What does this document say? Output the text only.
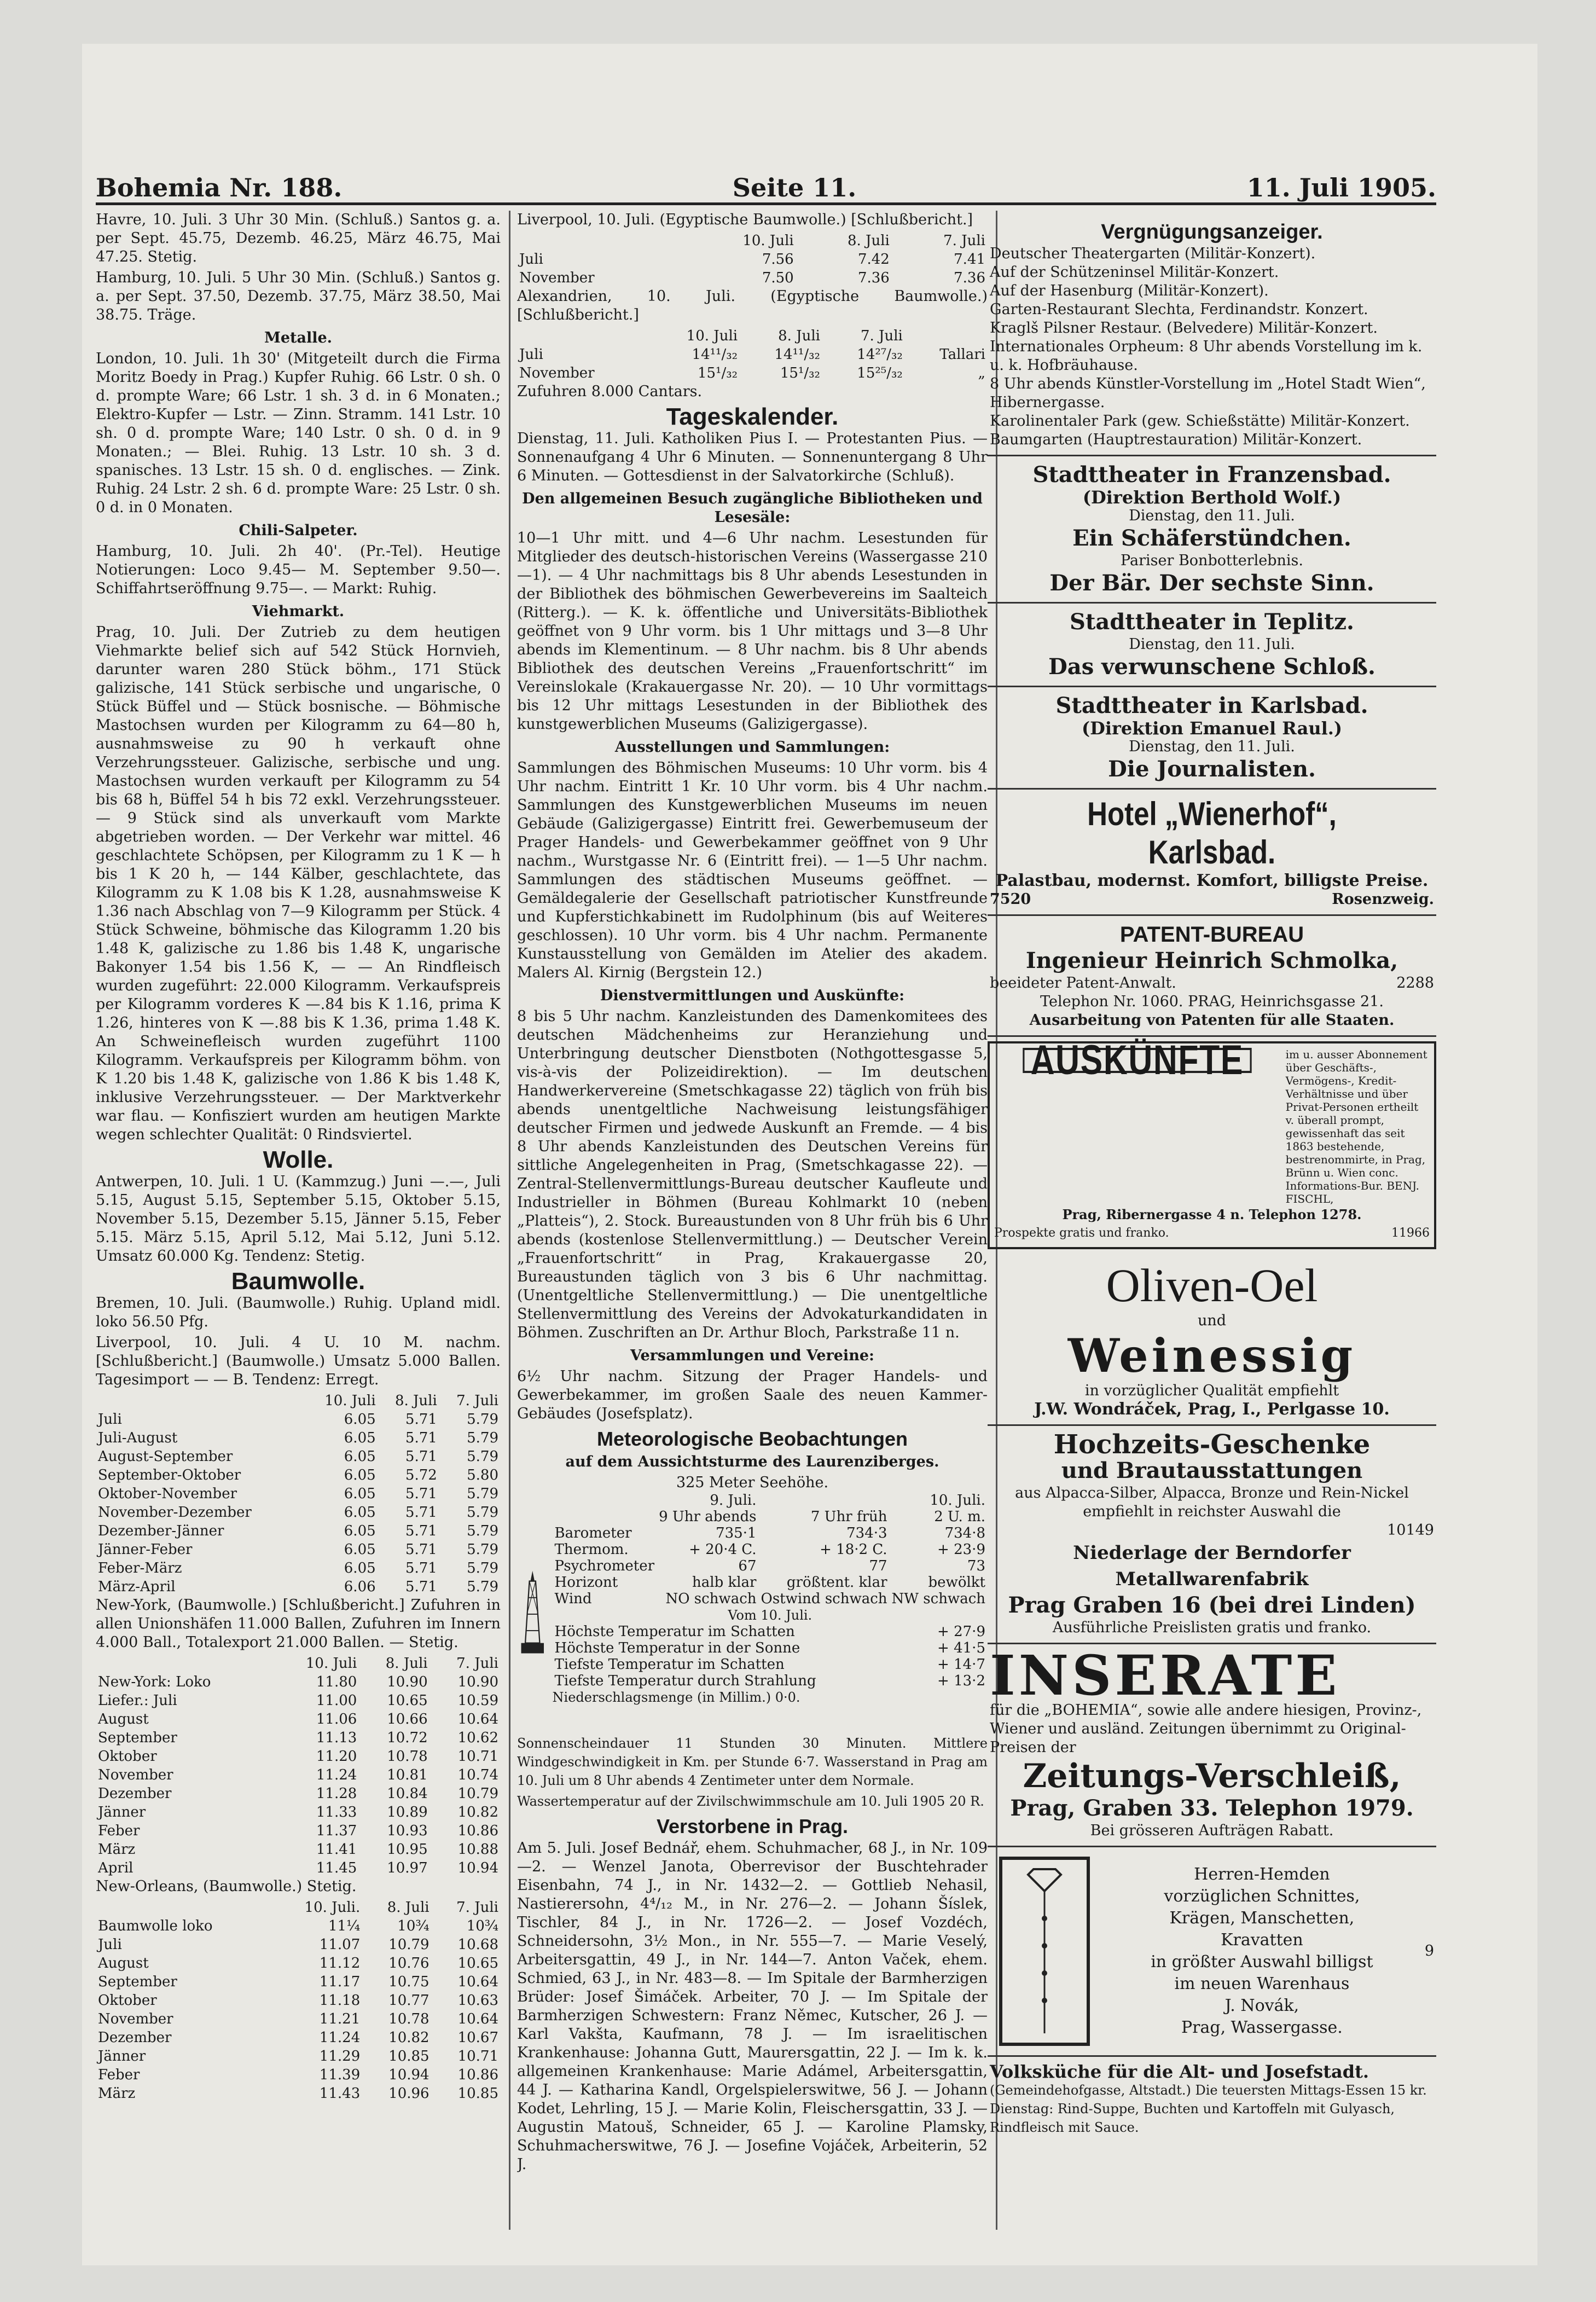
Bohemia Nr. 188.	Seite 11.	11. Juli 1905.

Havre, 10. Juli. 3 Uhr 30 Min. (Schluß.) Santos g. a. per Sept. 45.75, Dezemb. 46.25, März 46.75, Mai 47.25. Stetig.

Hamburg, 10. Juli. 5 Uhr 30 Min. (Schluß.) Santos g. a. per Sept. 37.50, Dezemb. 37.75, März 38.50, Mai 38.75. Träge.

Metalle.

London, 10. Juli. 1h 30' (Mitgeteilt durch die Firma Moritz Boedy in Prag.) Kupfer Ruhig. 66 Lstr. 0 sh. 0 d. prompte Ware; 66 Lstr. 1 sh. 3 d. in 6 Monaten.; Elektro-Kupfer — Lstr. — Zinn. Stramm. 141 Lstr. 10 sh. 0 d. prompte Ware; 140 Lstr. 0 sh. 0 d. in 9 Monaten.; — Blei. Ruhig. 13 Lstr. 10 sh. 3 d. spanisches. 13 Lstr. 15 sh. 0 d. englisches. — Zink. Ruhig. 24 Lstr. 2 sh. 6 d. prompte Ware: 25 Lstr. 0 sh. 0 d. in 0 Monaten.

Chili-Salpeter.

Hamburg, 10. Juli. 2h 40'. (Pr.-Tel). Heutige Notierungen: Loco 9.45— M. September 9.50—. Schiffahrtseröffnung 9.75—. — Markt: Ruhig.

Viehmarkt.

Prag, 10. Juli. Der Zutrieb zu dem heutigen Viehmarkte belief sich auf 542 Stück Hornvieh, darunter waren 280 Stück böhm., 171 Stück galizische, 141 Stück serbische und ungarische, 0 Stück Büffel und — Stück bosnische. — Böhmische Mastochsen wurden per Kilogramm zu 64—80 h, ausnahmsweise zu 90 h verkauft ohne Verzehrungssteuer. Galizische, serbische und ung. Mastochsen wurden verkauft per Kilogramm zu 54 bis 68 h, Büffel 54 h bis 72 exkl. Verzehrungssteuer. — 9 Stück sind als unverkauft vom Markte abgetrieben worden. — Der Verkehr war mittel. 46 geschlachtete Schöpsen, per Kilogramm zu 1 K — h bis 1 K 20 h, — 144 Kälber, geschlachtete, das Kilogramm zu K 1.08 bis K 1.28, ausnahmsweise K 1.36 nach Abschlag von 7—9 Kilogramm per Stück. 4 Stück Schweine, böhmische das Kilogramm 1.20 bis 1.48 K, galizische zu 1.86 bis 1.48 K, ungarische Bakonyer 1.54 bis 1.56 K, — — An Rindfleisch wurden zugeführt: 22.000 Kilogramm. Verkaufspreis per Kilogramm vorderes K —.84 bis K 1.16, prima K 1.26, hinteres von K —.88 bis K 1.36, prima 1.48 K. An Schweinefleisch wurden zugeführt 1100 Kilogramm. Verkaufspreis per Kilogramm böhm. von K 1.20 bis 1.48 K, galizische von 1.86 K bis 1.48 K, inklusive Verzehrungssteuer. — Der Marktverkehr war flau. — Konfisziert wurden am heutigen Markte wegen schlechter Qualität: 0 Rindsviertel.

Wolle.

Antwerpen, 10. Juli. 1 U. (Kammzug.) Juni —.—, Juli 5.15, August 5.15, September 5.15, Oktober 5.15, November 5.15, Dezember 5.15, Jänner 5.15, Feber 5.15. März 5.15, April 5.12, Mai 5.12, Juni 5.12. Umsatz 60.000 Kg. Tendenz: Stetig.

Baumwolle.

Bremen, 10. Juli. (Baumwolle.) Ruhig. Upland midl. loko 56.50 Pfg.

Liverpool, 10. Juli. 4 U. 10 M. nachm. [Schlußbericht.] (Baumwolle.) Umsatz 5.000 Ballen. Tagesimport — — B. Tendenz: Erregt.

	10. Juli	8. Juli	7. Juli
Juli	6.05	5.71	5.79
Juli-August	6.05	5.71	5.79
August-September	6.05	5.71	5.79
September-Oktober	6.05	5.72	5.80
Oktober-November	6.05	5.71	5.79
November-Dezember	6.05	5.71	5.79
Dezember-Jänner	6.05	5.71	5.79
Jänner-Feber	6.05	5.71	5.79
Feber-März	6.05	5.71	5.79
März-April	6.06	5.71	5.79

New-York, (Baumwolle.) [Schlußbericht.] Zufuhren in allen Unionshäfen 11.000 Ballen, Zufuhren im Innern 4.000 Ball., Totalexport 21.000 Ballen. — Stetig.

	10. Juli	8. Juli	7. Juli
New-York: Loko	11.80	10.90	10.90
Liefer.: Juli	11.00	10.65	10.59
August	11.06	10.66	10.64
September	11.13	10.72	10.62
Oktober	11.20	10.78	10.71
November	11.24	10.81	10.74
Dezember	11.28	10.84	10.79
Jänner	11.33	10.89	10.82
Feber	11.37	10.93	10.86
März	11.41	10.95	10.88
April	11.45	10.97	10.94

New-Orleans, (Baumwolle.) Stetig.

	10. Juli.	8. Juli	7. Juli
Baumwolle loko	11¼	10¾	10¾
Juli	11.07	10.79	10.68
August	11.12	10.76	10.65
September	11.17	10.75	10.64
Oktober	11.18	10.77	10.63
November	11.21	10.78	10.64
Dezember	11.24	10.82	10.67
Jänner	11.29	10.85	10.71
Feber	11.39	10.94	10.86
März	11.43	10.96	10.85

Liverpool, 10. Juli. (Egyptische Baumwolle.) [Schlußbericht.]

	10. Juli	8. Juli	7. Juli
Juli	7.56	7.42	7.41
November	7.50	7.36	7.36

Alexandrien, 10. Juli. (Egyptische Baumwolle.) [Schlußbericht.]

	10. Juli	8. Juli	7. Juli	
Juli	14¹¹/₃₂	14¹¹/₃₂	14²⁷/₃₂	Tallari
November	15¹/₃₂	15¹/₃₂	15²⁵/₃₂	„

Zufuhren 8.000 Cantars.

Tageskalender.

Dienstag, 11. Juli. Katholiken Pius I. — Protestanten Pius. — Sonnenaufgang 4 Uhr 6 Minuten. — Sonnenuntergang 8 Uhr 6 Minuten. — Gottesdienst in der Salvatorkirche (Schluß).

Den allgemeinen Besuch zugängliche Bibliotheken und Lesesäle:

10—1 Uhr mitt. und 4—6 Uhr nachm. Lesestunden für Mitglieder des deutsch-historischen Vereins (Wassergasse 210—1). — 4 Uhr nachmittags bis 8 Uhr abends Lesestunden in der Bibliothek des böhmischen Gewerbevereins im Saalteich (Ritterg.). — K. k. öffentliche und Universitäts-Bibliothek geöffnet von 9 Uhr vorm. bis 1 Uhr mittags und 3—8 Uhr abends im Klementinum. — 8 Uhr nachm. bis 8 Uhr abends Bibliothek des deutschen Vereins „Frauenfortschritt“ im Vereinslokale (Krakauergasse Nr. 20). — 10 Uhr vormittags bis 12 Uhr mittags Lesestunden in der Bibliothek des kunstgewerblichen Museums (Galizigergasse).

Ausstellungen und Sammlungen:

Sammlungen des Böhmischen Museums: 10 Uhr vorm. bis 4 Uhr nachm. Eintritt 1 Kr. 10 Uhr vorm. bis 4 Uhr nachm. Sammlungen des Kunstgewerblichen Museums im neuen Gebäude (Galizigergasse) Eintritt frei. Gewerbemuseum der Prager Handels- und Gewerbekammer geöffnet von 9 Uhr nachm., Wurstgasse Nr. 6 (Eintritt frei). — 1—5 Uhr nachm. Sammlungen des städtischen Museums geöffnet. — Gemäldegalerie der Gesellschaft patriotischer Kunstfreunde und Kupferstichkabinett im Rudolphinum (bis auf Weiteres geschlossen). 10 Uhr vorm. bis 4 Uhr nachm. Permanente Kunstausstellung von Gemälden im Atelier des akadem. Malers Al. Kirnig (Bergstein 12.)

Dienstvermittlungen und Auskünfte:

8 bis 5 Uhr nachm. Kanzleistunden des Damenkomitees des deutschen Mädchenheims zur Heranziehung und Unterbringung deutscher Dienstboten (Nothgottesgasse 5, vis-à-vis der Polizeidirektion). — Im deutschen Handwerkervereine (Smetschkagasse 22) täglich von früh bis abends unentgeltliche Nachweisung leistungsfähiger deutscher Firmen und jedwede Auskunft an Fremde. — 4 bis 8 Uhr abends Kanzleistunden des Deutschen Vereins für sittliche Angelegenheiten in Prag, (Smetschkagasse 22). — Zentral-Stellenvermittlungs-Bureau deutscher Kaufleute und Industrieller in Böhmen (Bureau Kohlmarkt 10 (neben „Platteis“), 2. Stock. Bureaustunden von 8 Uhr früh bis 6 Uhr abends (kostenlose Stellenvermittlung.) — Deutscher Verein „Frauenfortschritt“ in Prag, Krakauergasse 20, Bureaustunden täglich von 3 bis 6 Uhr nachmittag. (Unentgeltliche Stellenvermittlung.) — Die unentgeltliche Stellenvermittlung des Vereins der Advokaturkandidaten in Böhmen. Zuschriften an Dr. Arthur Bloch, Parkstraße 11 n.

Versammlungen und Vereine:

6½ Uhr nachm. Sitzung der Prager Handels- und Gewerbekammer, im großen Saale des neuen Kammer-Gebäudes (Josefsplatz).

Meteorologische Beobachtungen
auf dem Aussichtsturme des Laurenziberges.
325 Meter Seehöhe.
	9. Juli.	10. Juli.	
	9 Uhr abends	7 Uhr früh	2 U. m.
Barometer	735·1	734·3	734·8
Thermom.	+ 20·4 C.	+ 18·2 C.	+ 23·9
Psychrometer	67	77	73
Horizont	halb klar	größtent. klar	bewölkt
Wind	NO schwach	Ostwind schwach	NW schwach
Vom 10. Juli.
Höchste Temperatur im Schatten	+ 27·9
Höchste Temperatur in der Sonne	+ 41·5
Tiefste Temperatur im Schatten	+ 14·7
Tiefste Temperatur durch Strahlung	+ 13·2
Niederschlagsmenge (in Millim.) 0·0.

Sonnenscheindauer 11 Stunden 30 Minuten. Mittlere Windgeschwindigkeit in Km. per Stunde 6·7. Wasserstand in Prag am 10. Juli um 8 Uhr abends 4 Zentimeter unter dem Normale.

Wassertemperatur auf der Zivilschwimmschule am 10. Juli 1905 20 R.

Verstorbene in Prag.

Am 5. Juli. Josef Bednář, ehem. Schuhmacher, 68 J., in Nr. 109—2. — Wenzel Janota, Oberrevisor der Buschtehrader Eisenbahn, 74 J., in Nr. 1432—2. — Gottlieb Nehasil, Nastierersohn, 4⁴/₁₂ M., in Nr. 276—2. — Johann Šíslek, Tischler, 84 J., in Nr. 1726—2. — Josef Vozdéch, Schneidersohn, 3½ Mon., in Nr. 555—7. — Marie Veselý, Arbeitersgattin, 49 J., in Nr. 144—7. Anton Vaček, ehem. Schmied, 63 J., in Nr. 483—8. — Im Spitale der Barmherzigen Brüder: Josef Šimáček. Arbeiter, 70 J. — Im Spitale der Barmherzigen Schwestern: Franz Němec, Kutscher, 26 J. — Karl Vakšta, Kaufmann, 78 J. — Im israelitischen Krankenhause: Johanna Gutt, Maurersgattin, 22 J. — Im k. k. allgemeinen Krankenhause: Marie Adámel, Arbeitersgattin, 44 J. — Katharina Kandl, Orgelspielerswitwe, 56 J. — Johann Kodet, Lehrling, 15 J. — Marie Kolin, Fleischersgattin, 33 J. — Augustin Matouš, Schneider, 65 J. — Karoline Plamsky, Schuhmacherswitwe, 76 J. — Josefine Vojáček, Arbeiterin, 52 J.

Vergnügungsanzeiger.
Deutscher Theatergarten (Militär-Konzert).
Auf der Schützeninsel Militär-Konzert.
Auf der Hasenburg (Militär-Konzert).
Garten-Restaurant Slechta, Ferdinandstr. Konzert.
Kraglš Pilsner Restaur. (Belvedere) Militär-Konzert.
Internationales Orpheum: 8 Uhr abends Vorstellung im k. u. k. Hofbräuhause.
8 Uhr abends Künstler-Vorstellung im „Hotel Stadt Wien“, Hibernergasse.
Karolinentaler Park (gew. Schießstätte) Militär-Konzert.
Baumgarten (Hauptrestauration) Militär-Konzert.
Stadttheater in Franzensbad.
(Direktion Berthold Wolf.)
Dienstag, den 11. Juli.
Ein Schäferstündchen.
Pariser Bonbotterlebnis.
Der Bär. Der sechste Sinn.
Stadttheater in Teplitz.
Dienstag, den 11. Juli.
Das verwunschene Schloß.
Stadttheater in Karlsbad.
(Direktion Emanuel Raul.)
Dienstag, den 11. Juli.
Die Journalisten.
Hotel „Wienerhof“, Karlsbad.
Palastbau, modernst. Komfort, billigste Preise.
7520	Rosenzweig.
PATENT-BUREAU
Ingenieur Heinrich Schmolka,
beeideter Patent-Anwalt.	2288
Telephon Nr. 1060. PRAG, Heinrichsgasse 21.
Ausarbeitung von Patenten für alle Staaten.
AUSKÜNFTE	im u. ausser Abonnement über Geschäfts-, Vermögens-, Kredit-Verhältnisse und über Privat-Personen ertheilt v. überall prompt, gewissenhaft das seit 1863 bestehende, bestrenommirte, in Prag, Brünn u. Wien conc. Informations-Bur. BENJ. FISCHL,
Prag, Ribernergasse 4 n. Telephon 1278.
Prospekte gratis und franko.	11966
Oliven-Oel
und
Weinessig
in vorzüglicher Qualität empfiehlt
J.W. Wondráček, Prag, I., Perlgasse 10.
Hochzeits-Geschenke
und Brautausstattungen
aus Alpacca-Silber, Alpacca, Bronze und Rein-Nickel empfiehlt in reichster Auswahl die
10149
Niederlage der Berndorfer Metallwarenfabrik
Prag Graben 16 (bei drei Linden)
Ausführliche Preislisten gratis und franko.
INSERATE
für die „BOHEMIA“, sowie alle andere hiesigen, Provinz-, Wiener und ausländ. Zeitungen übernimmt zu Original-Preisen der
Zeitungs-Verschleiß,
Prag, Graben 33. Telephon 1979.
Bei grösseren Aufträgen Rabatt.
Herren-Hemden
vorzüglichen Schnittes,
Krägen, Manschetten,
Kravatten
in größter Auswahl billigst
im neuen Warenhaus
J. Novák,
Prag, Wassergasse.
9
Volksküche für die Alt- und Josefstadt.
(Gemeindehofgasse, Altstadt.) Die teuersten Mittags-Essen 15 kr. Dienstag: Rind-Suppe, Buchten und Kartoffeln mit Gulyasch, Rindfleisch mit Sauce.
